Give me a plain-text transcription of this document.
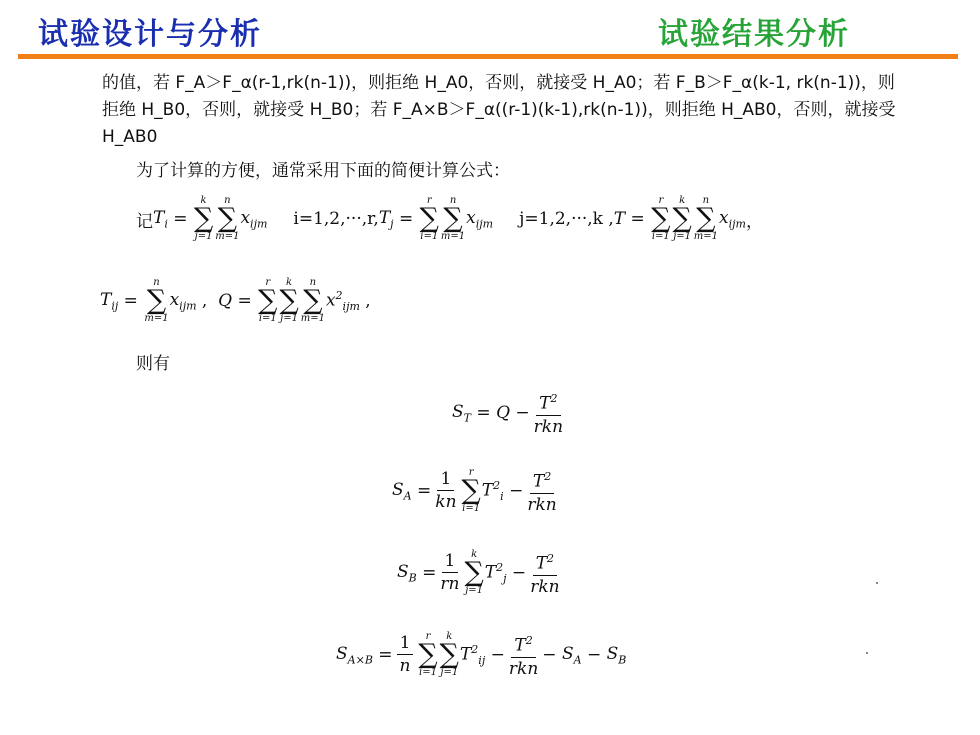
试验设计与分析	试验结果分析
的值，若 F_A＞F_α(r-1,rk(n-1))，则拒绝 H_A0，否则，就接受 H_A0；若 F_B＞F_α(k-1, rk(n-1))，则
拒绝 H_B0，否则，就接受 H_B0；若 F_A×B＞F_α((r-1)(k-1),rk(n-1))，则拒绝 H_AB0，否则，就接受
H_AB0
为了计算的方便，通常采用下面的简便计算公式：
记 $T_i$ =
k
∑
j=1
n
∑
m=1
$x_{ijm}$ i=1,2,···,r, $T_j$ =
r
∑
i=1
n
∑
m=1
$x_{ijm}$ j=1,2,···,k , T =
r
∑
i=1
k
∑
j=1
n
∑
m=1
$x_{ijm}$ ，
$T_{ij}$ =
n
∑
m=1
$x_{ijm}$ , Q =
r
∑
i=1
k
∑
j=1
n
∑
m=1
$x^2_{ijm}$ ,
则有
$S_T = Q - \frac{T^2}{\text{rkn}}$
$S_A = \frac{1}{kn}$ r
∑
i=1
$T^2_i - \frac{T^2}{\text{rkn}}$
$S_B = \frac{1}{rn}$ k
∑
j=1
$T^2_j - \frac{T^2}{\text{rkn}}$
$S_{A\times B} = \frac{1}{n}$ r
∑
i=1
k
∑
j=1
$T^2_{ij} - \frac{T^2}{\text{rkn}} - S_A - S_B$
